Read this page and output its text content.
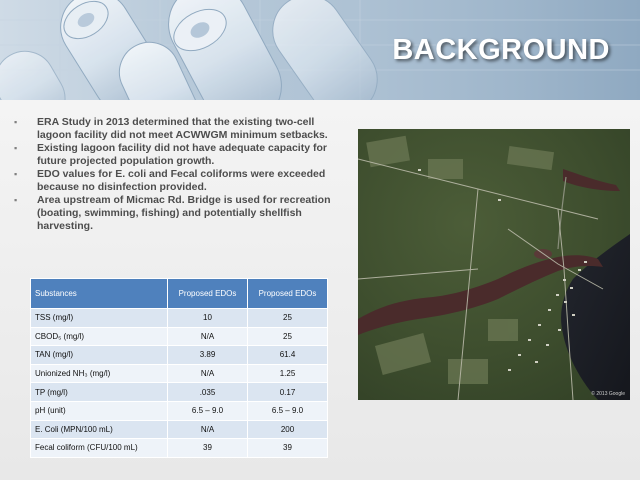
BACKGROUND
▪ ERA Study in 2013 determined that the existing two-cell lagoon facility did not meet ACWWGM minimum setbacks.
▪ Existing lagoon facility did not have adequate capacity for future projected population growth.
▪ EDO values for E. coli and Fecal coliforms were exceeded because no disinfection provided.
▪ Area upstream of Micmac Rd. Bridge is used for recreation (boating, swimming, fishing) and potentially shellfish harvesting.
Substances	Proposed EDOs	Proposed EDOs
TSS (mg/l)	10	25
CBOD₅ (mg/l)	N/A	25
TAN (mg/l)	3.89	61.4
Unionized NH₃ (mg/l)	N/A	1.25
TP (mg/l)	.035	0.17
pH (unit)	6.5 – 9.0	6.5 – 9.0
E. Coli (MPN/100 mL)	N/A	200
Fecal coliform (CFU/100 mL)	39	39
© 2013 Google
